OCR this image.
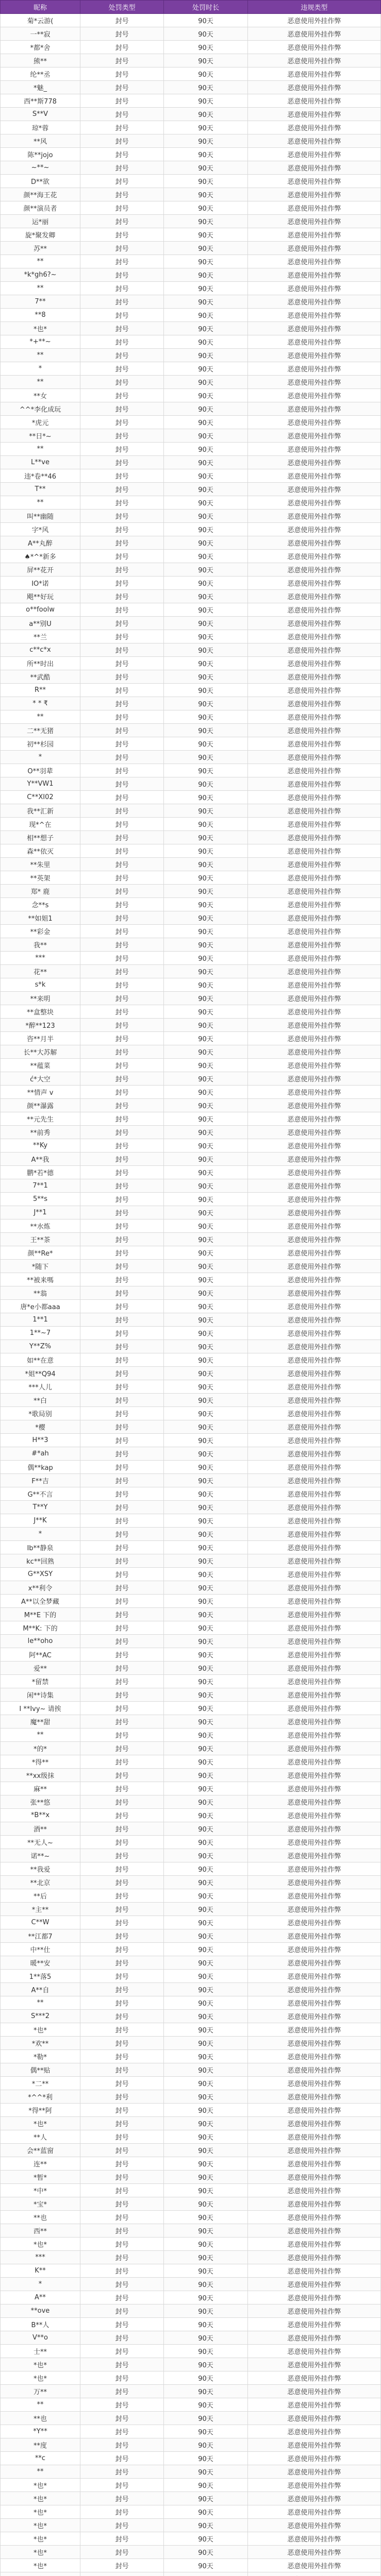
昵称	处罚类型	处罚时长	违规类型
菊*云游(	封号	90天	恶意使用外挂作弊
一**寂	封号	90天	恶意使用外挂作弊
*都*舍	封号	90天	恶意使用外挂作弊
熊**	封号	90天	恶意使用外挂作弊
纶**丞	封号	90天	恶意使用外挂作弊
*魅_	封号	90天	恶意使用外挂作弊
西**斯778	封号	90天	恶意使用外挂作弊
S**V	封号	90天	恶意使用外挂作弊
琼*蓉	封号	90天	恶意使用外挂作弊
**风	封号	90天	恶意使用外挂作弊
陈**jojo	封号	90天	恶意使用外挂作弊
~**~	封号	90天	恶意使用外挂作弊
D**欲	封号	90天	恶意使用外挂作弊
颜**海王花	封号	90天	恶意使用外挂作弊
颜**演员者	封号	90天	恶意使用外挂作弊
运*丽	封号	90天	恶意使用外挂作弊
旋*聚发卿	封号	90天	恶意使用外挂作弊
苏**	封号	90天	恶意使用外挂作弊
**	封号	90天	恶意使用外挂作弊
*k*gh6?~	封号	90天	恶意使用外挂作弊
**	封号	90天	恶意使用外挂作弊
7**	封号	90天	恶意使用外挂作弊
**8	封号	90天	恶意使用外挂作弊
*也*	封号	90天	恶意使用外挂作弊
*+**~	封号	90天	恶意使用外挂作弊
**	封号	90天	恶意使用外挂作弊
*	封号	90天	恶意使用外挂作弊
**	封号	90天	恶意使用外挂作弊
**女	封号	90天	恶意使用外挂作弊
^^*李化成玩	封号	90天	恶意使用外挂作弊
*虎元	封号	90天	恶意使用外挂作弊
**日*~	封号	90天	恶意使用外挂作弊
**	封号	90天	恶意使用外挂作弊
L**ve	封号	90天	恶意使用外挂作弊
违*卷**46	封号	90天	恶意使用外挂作弊
T**	封号	90天	恶意使用外挂作弊
**	封号	90天	恶意使用外挂作弊
叫**幽随	封号	90天	恶意使用外挂作弊
字*风	封号	90天	恶意使用外挂作弊
A**丸醉	封号	90天	恶意使用外挂作弊
♠*^*新多	封号	90天	恶意使用外挂作弊
屏**花开	封号	90天	恶意使用外挂作弊
IO*诺	封号	90天	恶意使用外挂作弊
飓**好玩	封号	90天	恶意使用外挂作弊
o**foolw	封号	90天	恶意使用外挂作弊
a**别U	封号	90天	恶意使用外挂作弊
**兰	封号	90天	恶意使用外挂作弊
c**c*x	封号	90天	恶意使用外挂作弊
所**时出	封号	90天	恶意使用外挂作弊
**武酷	封号	90天	恶意使用外挂作弊
R**	封号	90天	恶意使用外挂作弊
* * ₹	封号	90天	恶意使用外挂作弊
**	封号	90天	恶意使用外挂作弊
二**无猪	封号	90天	恶意使用外挂作弊
初**杉园	封号	90天	恶意使用外挂作弊
*	封号	90天	恶意使用外挂作弊
O**羽辈	封号	90天	恶意使用外挂作弊
Y**VW1	封号	90天	恶意使用外挂作弊
C**XI02	封号	90天	恶意使用外挂作弊
我**汇新	封号	90天	恶意使用外挂作弊
现*^在	封号	90天	恶意使用外挂作弊
相**想子	封号	90天	恶意使用外挂作弊
森**依灭	封号	90天	恶意使用外挂作弊
**朱里	封号	90天	恶意使用外挂作弊
**英架	封号	90天	恶意使用外挂作弊
郑* 鹿	封号	90天	恶意使用外挂作弊
念**s	封号	90天	恶意使用外挂作弊
**如姐1	封号	90天	恶意使用外挂作弊
**彩金	封号	90天	恶意使用外挂作弊
我**	封号	90天	恶意使用外挂作弊
***	封号	90天	恶意使用外挂作弊
花**	封号	90天	恶意使用外挂作弊
s*k	封号	90天	恶意使用外挂作弊
**来明	封号	90天	恶意使用外挂作弊
**盒整块	封号	90天	恶意使用外挂作弊
*醉**123	封号	90天	恶意使用外挂作弊
咨**月半	封号	90天	恶意使用外挂作弊
长**大苏解	封号	90天	恶意使用外挂作弊
**蕴菜	封号	90天	恶意使用外挂作弊
ć*大空	封号	90天	恶意使用外挂作弊
**情声 v	封号	90天	恶意使用外挂作弊
颜**瀑露	封号	90天	恶意使用外挂作弊
**元先生	封号	90天	恶意使用外挂作弊
**前秀	封号	90天	恶意使用外挂作弊
**Ky	封号	90天	恶意使用外挂作弊
A**我	封号	90天	恶意使用外挂作弊
鹏*若*德	封号	90天	恶意使用外挂作弊
7**1	封号	90天	恶意使用外挂作弊
5**s	封号	90天	恶意使用外挂作弊
J**1	封号	90天	恶意使用外挂作弊
**水炼	封号	90天	恶意使用外挂作弊
王**茶	封号	90天	恶意使用外挂作弊
颜**Re*	封号	90天	恶意使用外挂作弊
*随下	封号	90天	恶意使用外挂作弊
**被来嗎	封号	90天	恶意使用外挂作弊
**翁	封号	90天	恶意使用外挂作弊
唐*e小都aaa	封号	90天	恶意使用外挂作弊
1**1	封号	90天	恶意使用外挂作弊
1**~7	封号	90天	恶意使用外挂作弊
Y**Z%	封号	90天	恶意使用外挂作弊
如**在意	封号	90天	恶意使用外挂作弊
*姐**Q94	封号	90天	恶意使用外挂作弊
***人儿	封号	90天	恶意使用外挂作弊
**白	封号	90天	恶意使用外挂作弊
*歌局别	封号	90天	恶意使用外挂作弊
*樱	封号	90天	恶意使用外挂作弊
H**3	封号	90天	恶意使用外挂作弊
#*ah	封号	90天	恶意使用外挂作弊
偶**kap	封号	90天	恶意使用外挂作弊
F**吉	封号	90天	恶意使用外挂作弊
G**不言	封号	90天	恶意使用外挂作弊
T**Y	封号	90天	恶意使用外挂作弊
J**K	封号	90天	恶意使用外挂作弊
*	封号	90天	恶意使用外挂作弊
Ib**静泉	封号	90天	恶意使用外挂作弊
kc**回熟	封号	90天	恶意使用外挂作弊
G**XSY	封号	90天	恶意使用外挂作弊
x**利令	封号	90天	恶意使用外挂作弊
A**以全梦藏	封号	90天	恶意使用外挂作弊
M**E 下的	封号	90天	恶意使用外挂作弊
M**K: 下的	封号	90天	恶意使用外挂作弊
le**oho	封号	90天	恶意使用外挂作弊
阿**AC	封号	90天	恶意使用外挂作弊
爱**	封号	90天	恶意使用外挂作弊
*留禁	封号	90天	恶意使用外挂作弊
闲**诗集	封号	90天	恶意使用外挂作弊
I **Ivy~ 请挨	封号	90天	恶意使用外挂作弊
魔**甜	封号	90天	恶意使用外挂作弊
**	封号	90天	恶意使用外挂作弊
*的*	封号	90天	恶意使用外挂作弊
*得**	封号	90天	恶意使用外挂作弊
**xx级抹	封号	90天	恶意使用外挂作弊
麻**	封号	90天	恶意使用外挂作弊
张**悠	封号	90天	恶意使用外挂作弊
*B**x	封号	90天	恶意使用外挂作弊
酒**	封号	90天	恶意使用外挂作弊
**无人~	封号	90天	恶意使用外挂作弊
诺**~	封号	90天	恶意使用外挂作弊
**我爱	封号	90天	恶意使用外挂作弊
**北京	封号	90天	恶意使用外挂作弊
**后	封号	90天	恶意使用外挂作弊
*主**	封号	90天	恶意使用外挂作弊
C**W	封号	90天	恶意使用外挂作弊
**江都7	封号	90天	恶意使用外挂作弊
中**仕	封号	90天	恶意使用外挂作弊
暖**安	封号	90天	恶意使用外挂作弊
1**落5	封号	90天	恶意使用外挂作弊
A**自	封号	90天	恶意使用外挂作弊
**	封号	90天	恶意使用外挂作弊
S***2	封号	90天	恶意使用外挂作弊
*也*	封号	90天	恶意使用外挂作弊
*欢**	封号	90天	恶意使用外挂作弊
*勒*	封号	90天	恶意使用外挂作弊
偶**贴	封号	90天	恶意使用外挂作弊
*二**	封号	90天	恶意使用外挂作弊
*^^*利	封号	90天	恶意使用外挂作弊
*得**阿	封号	90天	恶意使用外挂作弊
*也*	封号	90天	恶意使用外挂作弊
**人	封号	90天	恶意使用外挂作弊
会**蓝窗	封号	90天	恶意使用外挂作弊
连**	封号	90天	恶意使用外挂作弊
*暂*	封号	90天	恶意使用外挂作弊
*中*	封号	90天	恶意使用外挂作弊
*宝*	封号	90天	恶意使用外挂作弊
**也	封号	90天	恶意使用外挂作弊
西**	封号	90天	恶意使用外挂作弊
*也*	封号	90天	恶意使用外挂作弊
***	封号	90天	恶意使用外挂作弊
K**	封号	90天	恶意使用外挂作弊
*	封号	90天	恶意使用外挂作弊
A**	封号	90天	恶意使用外挂作弊
**ove	封号	90天	恶意使用外挂作弊
B**人	封号	90天	恶意使用外挂作弊
V**o	封号	90天	恶意使用外挂作弊
士**	封号	90天	恶意使用外挂作弊
*也*	封号	90天	恶意使用外挂作弊
*也*	封号	90天	恶意使用外挂作弊
万**	封号	90天	恶意使用外挂作弊
**	封号	90天	恶意使用外挂作弊
**也	封号	90天	恶意使用外挂作弊
*Y**	封号	90天	恶意使用外挂作弊
**度	封号	90天	恶意使用外挂作弊
**c	封号	90天	恶意使用外挂作弊
**	封号	90天	恶意使用外挂作弊
*也*	封号	90天	恶意使用外挂作弊
*也*	封号	90天	恶意使用外挂作弊
*也*	封号	90天	恶意使用外挂作弊
*也*	封号	90天	恶意使用外挂作弊
*也*	封号	90天	恶意使用外挂作弊
*也*	封号	90天	恶意使用外挂作弊
*也*	封号	90天	恶意使用外挂作弊
